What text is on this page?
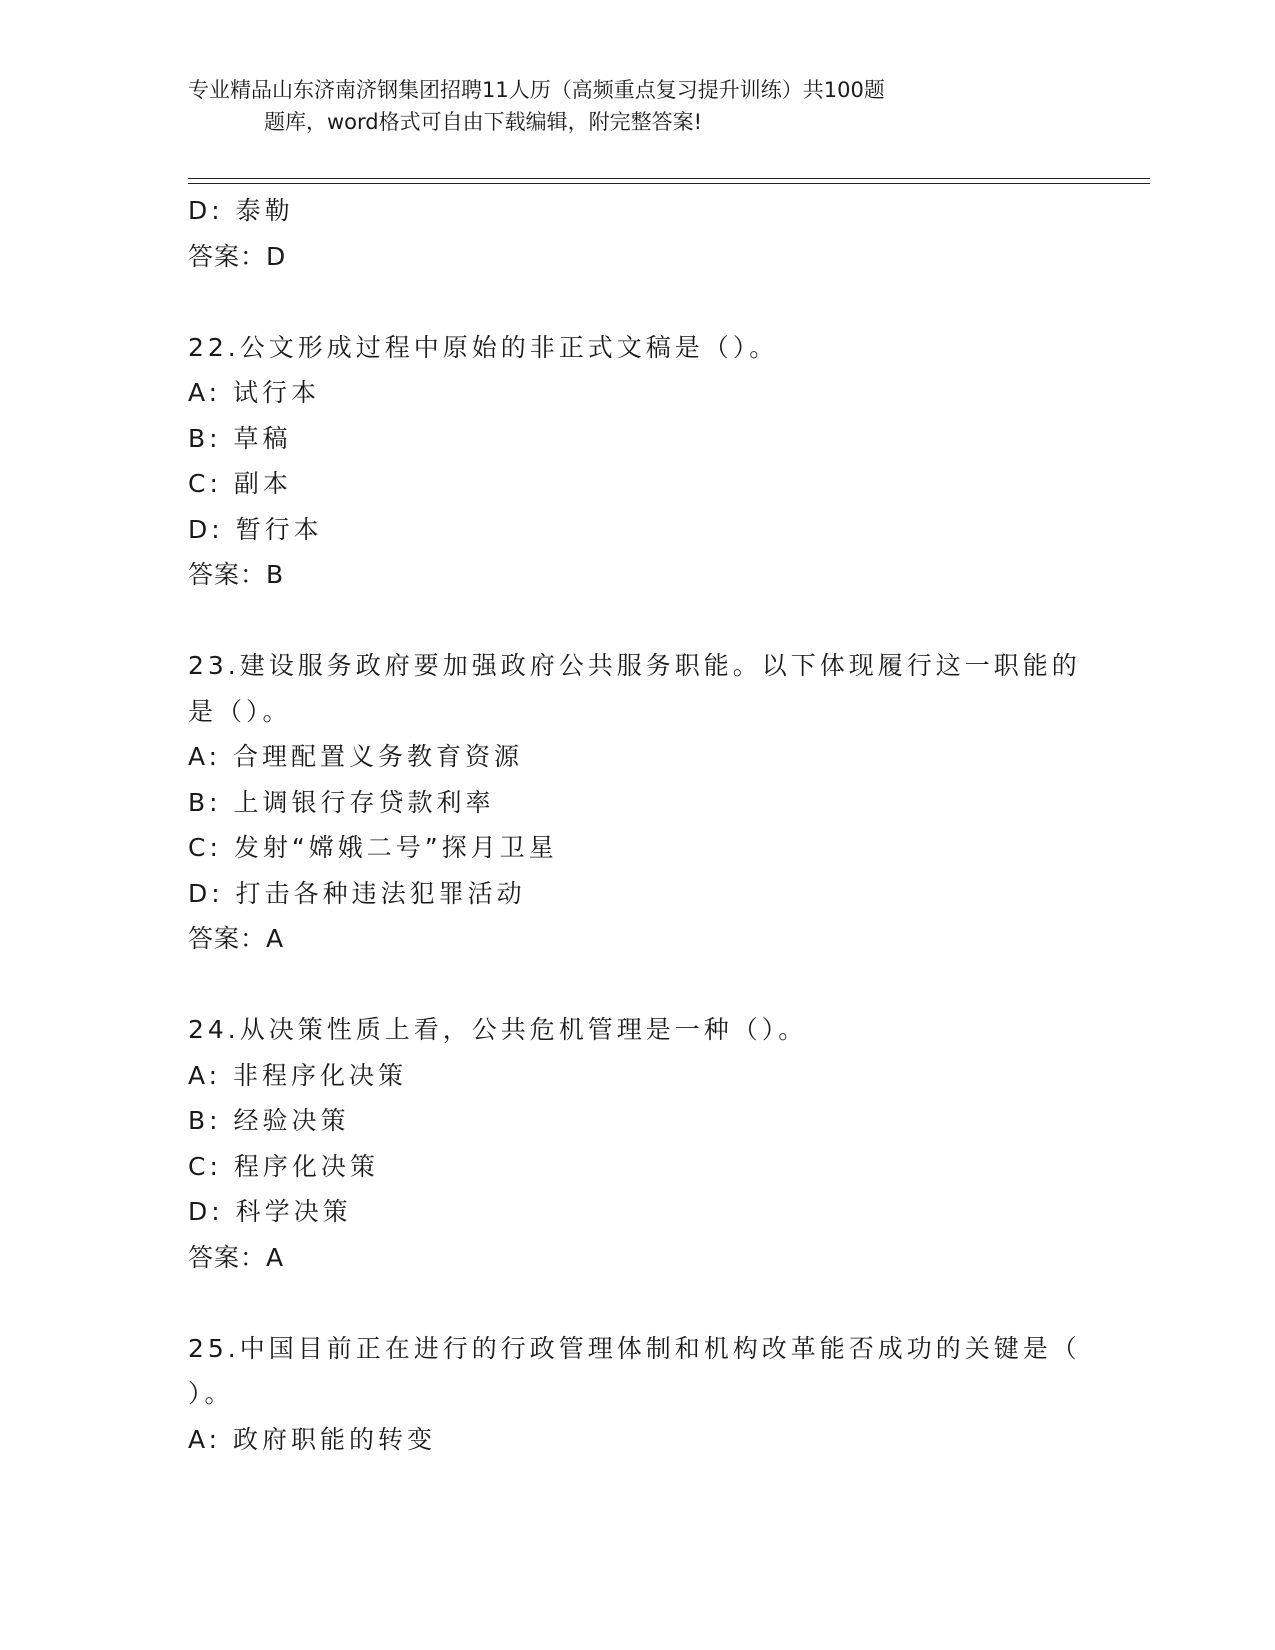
专业精品山东济南济钢集团招聘11人历（高频重点复习提升训练）共100题
题库，word格式可自由下载编辑，附完整答案!
D: 泰勒
答案：D
22.公文形成过程中原始的非正式文稿是（）。
A: 试行本
B: 草稿
C: 副本
D: 暂行本
答案：B
23.建设服务政府要加强政府公共服务职能。以下体现履行这一职能的
是（）。
A: 合理配置义务教育资源
B: 上调银行存贷款利率
C: 发射“嫦娥二号”探月卫星
D: 打击各种违法犯罪活动
答案：A
24.从决策性质上看，公共危机管理是一种（）。
A: 非程序化决策
B: 经验决策
C: 程序化决策
D: 科学决策
答案：A
25.中国目前正在进行的行政管理体制和机构改革能否成功的关键是（
）。
A: 政府职能的转变
